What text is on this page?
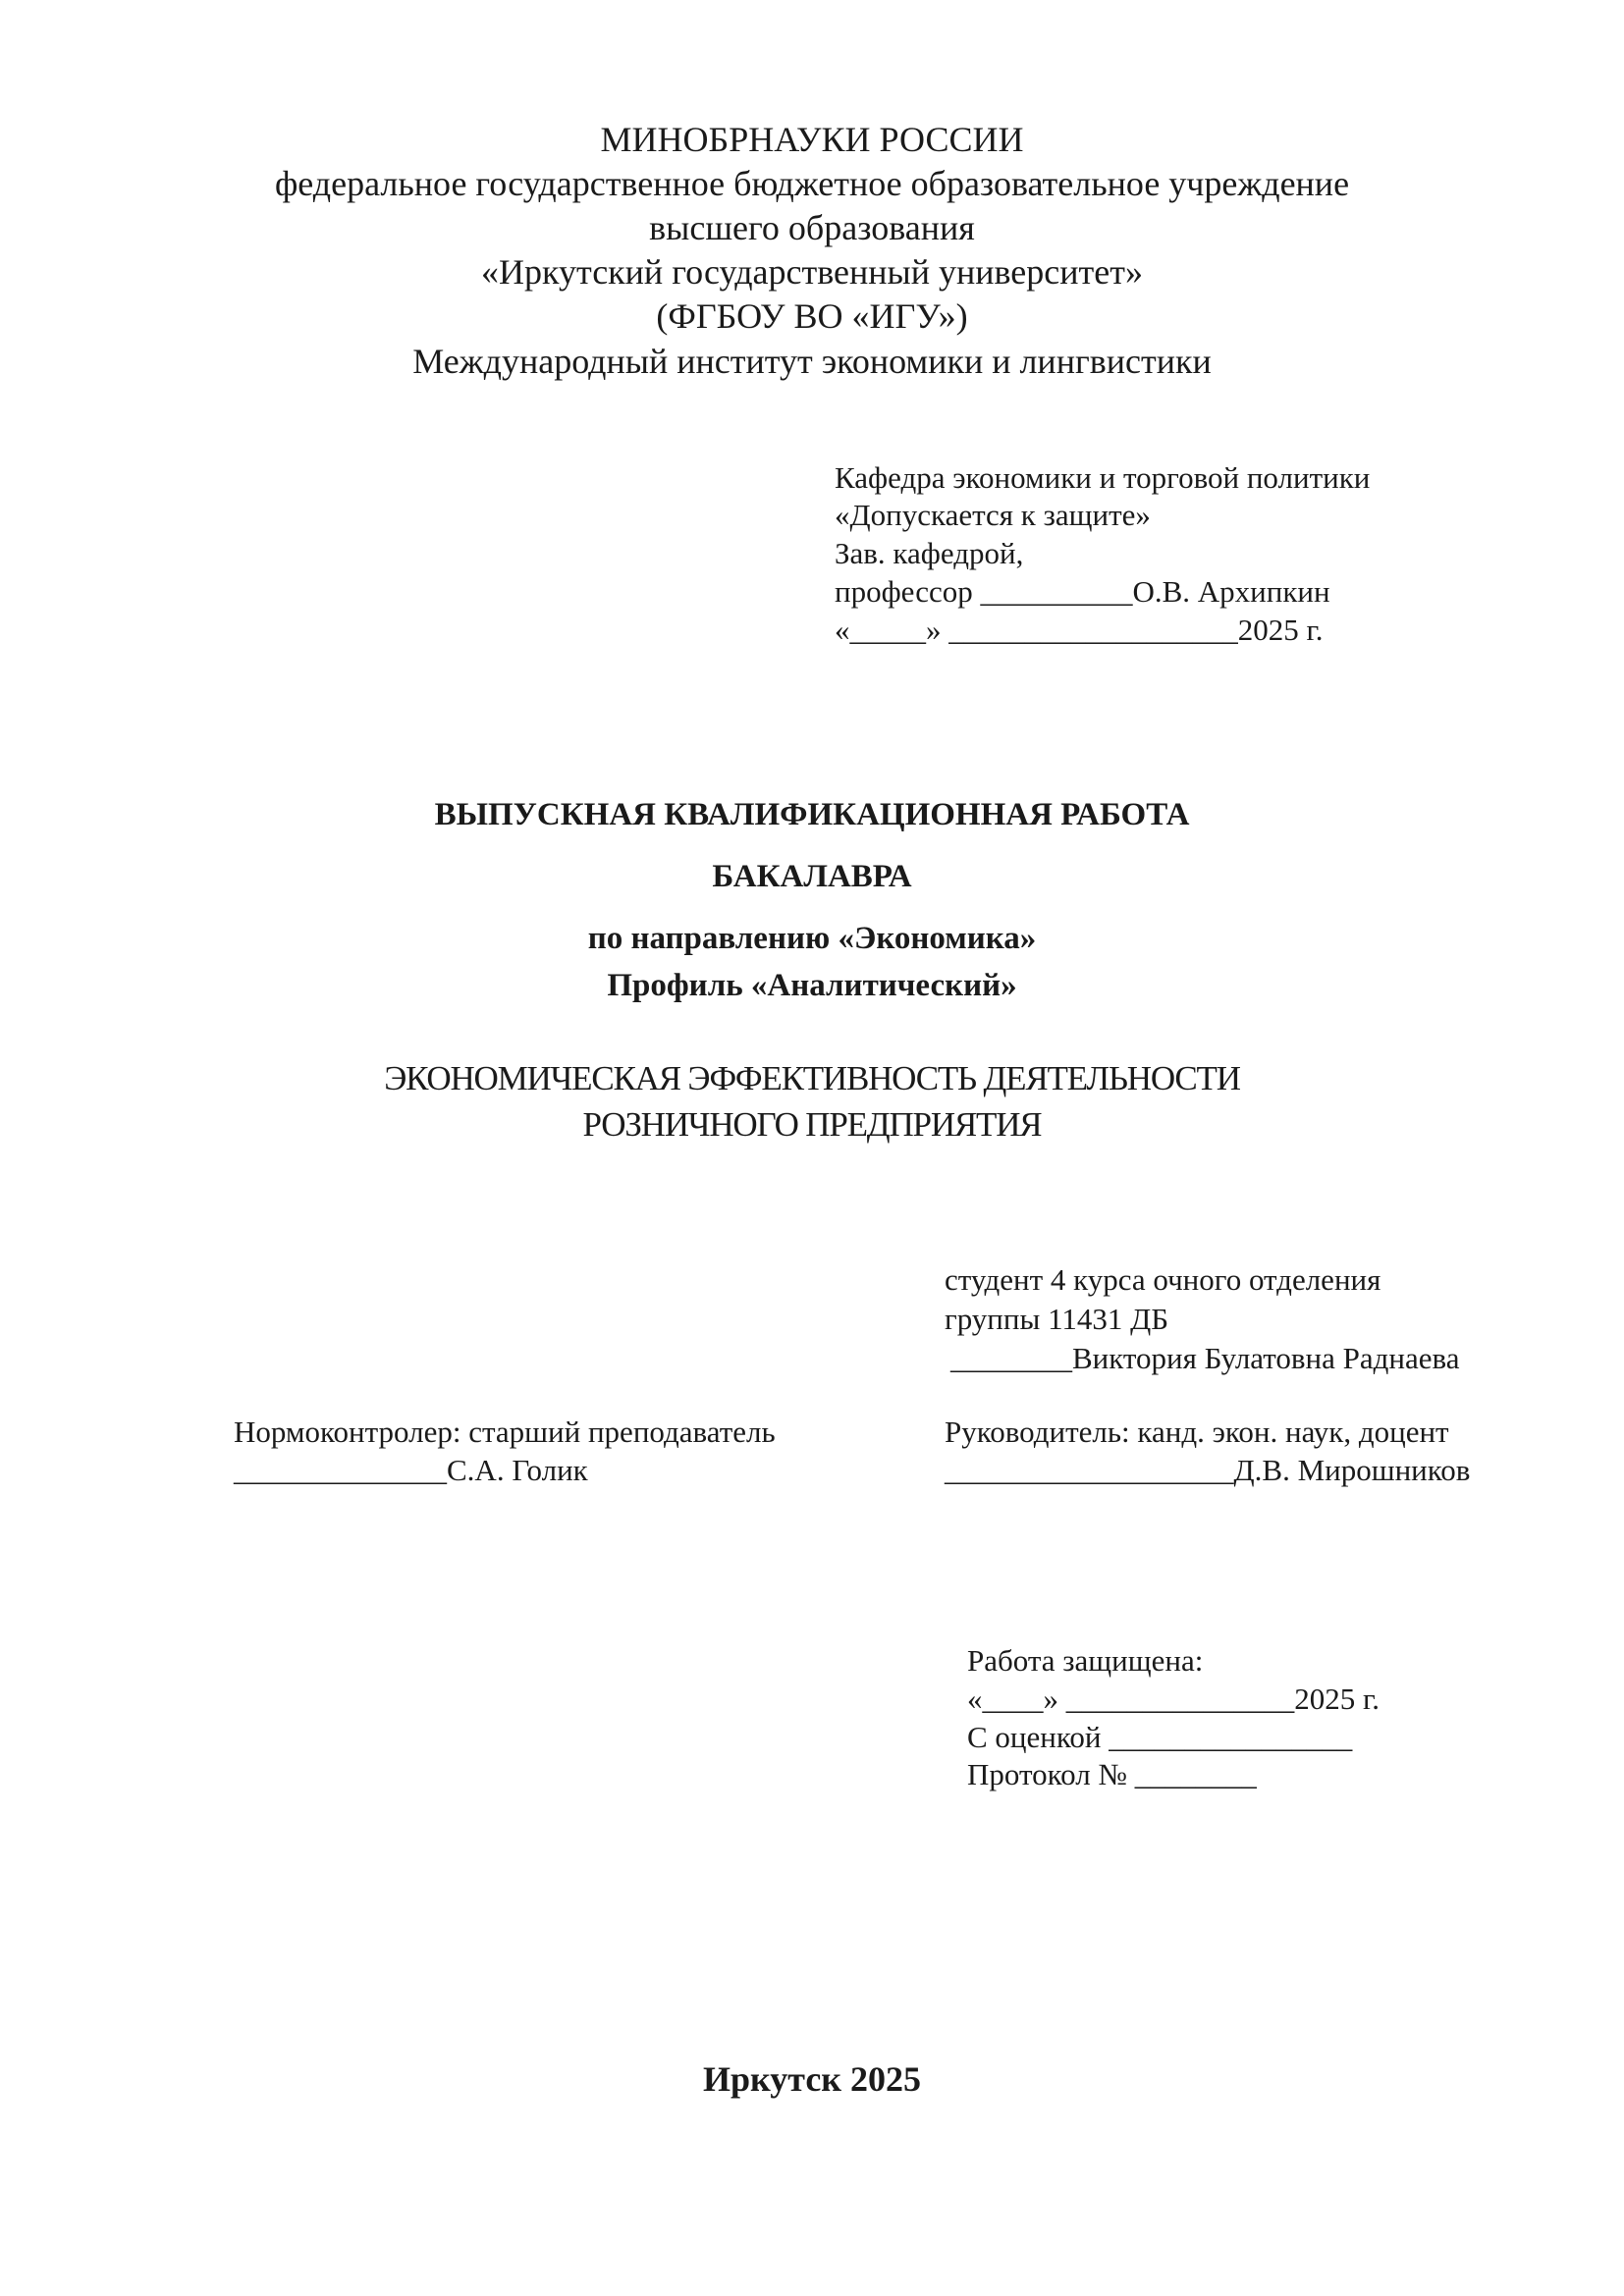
МИНОБРНАУКИ РОССИИ

федеральное государственное бюджетное образовательное учреждение

высшего образования

«Иркутский государственный университет»

(ФГБОУ ВО «ИГУ»)

Международный институт экономики и лингвистики

Кафедра экономики и торговой политики

«Допускается к защите»

Зав. кафедрой,

профессор __________О.В. Архипкин

«_____» ___________________2025 г.

ВЫПУСКНАЯ КВАЛИФИКАЦИОННАЯ РАБОТА

БАКАЛАВРА

по направлению «Экономика»

Профиль «Аналитический»

ЭКОНОМИЧЕСКАЯ ЭФФЕКТИВНОСТЬ ДЕЯТЕЛЬНОСТИ

РОЗНИЧНОГО ПРЕДПРИЯТИЯ

студент 4 курса очного отделения

группы 11431 ДБ

________Виктория Булатовна Раднаева

Нормоконтролер: старший преподаватель

______________С.А. Голик

Руководитель: канд. экон. наук, доцент

___________________Д.В. Мирошников

Работа защищена:

«____» _______________2025 г.

С оценкой ________________

Протокол № ________

Иркутск 2025
